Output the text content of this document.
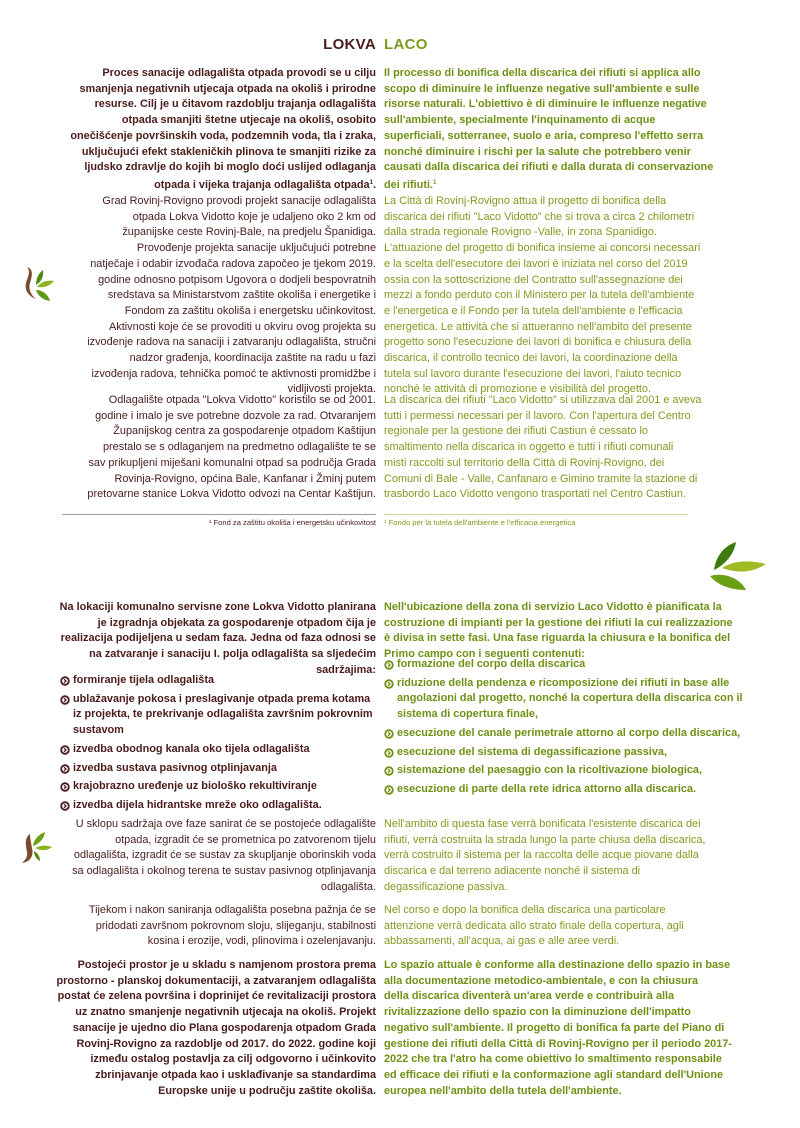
LOKVA LACO
Proces sanacije odlagališta otpada provodi se u cilju
smanjenja negativnih utjecaja otpada na okoliš i prirodne
resurse. Cilj je u čitavom razdoblju trajanja odlagališta
otpada smanjiti štetne utjecaje na okoliš, osobito
onečišćenje površinskih voda, podzemnih voda, tla i zraka,
uključujući efekt stakleničkih plinova te smanjiti rizike za
ljudsko zdravlje do kojih bi moglo doći uslijed odlaganja
otpada i vijeka trajanja odlagališta otpada$^1$.
Il processo di bonifica della discarica dei rifiuti si applica allo
scopo di diminuire le influenze negative sull'ambiente e sulle
risorse naturali. L'obiettivo è di diminuire le influenze negative
sull'ambiente, specialmente l'inquinamento di acque
superficiali, sotterranee, suolo e aria, compreso l'effetto serra
nonché diminuire i rischi per la salute che potrebbero venir
causati dalla discarica dei rifiuti e dalla durata di conservazione
dei rifiuti.$^1$
Grad Rovinj-Rovigno provodi projekt sanacije odlagališta
otpada Lokva Vidotto koje je udaljeno oko 2 km od
županijske ceste Rovinj-Bale, na predjelu Španidiga.
Provođenje projekta sanacije uključujući potrebne
natječaje i odabir izvođača radova započeo je tjekom 2019.
godine odnosno potpisom Ugovora o dodjeli bespovratnih
sredstava sa Ministarstvom zaštite okoliša i energetike i
Fondom za zaštitu okoliša i energetsku učinkovitost.
Aktivnosti koje će se provoditi u okviru ovog projekta su
izvođenje radova na sanaciji i zatvaranju odlagališta, stručni
nadzor građenja, koordinacija zaštite na radu u fazi
izvođenja radova, tehnička pomoć te aktivnosti promidžbe i
vidljivosti projekta.
La Città di Rovinj-Rovigno attua il progetto di bonifica della
discarica dei rifiuti "Laco Vidotto" che si trova a circa 2 chilometri
dalla strada regionale Rovigno -Valle, in zona Spanidigo.
L'attuazione del progetto di bonifica insieme ai concorsi necessari
e la scelta dell'esecutore dei lavori è iniziata nel corso del 2019
ossia con la sottoscrizione del Contratto sull'assegnazione dei
mezzi a fondo perduto con il Ministero per la tutela dell'ambiente
e l'energetica e il Fondo per la tutela dell'ambiente e l'efficacia
energetica. Le attività che si attueranno nell'ambito del presente
progetto sono l'esecuzione dei lavori di bonifica e chiusura della
discarica, il controllo tecnico dei lavori, la coordinazione della
tutela sul lavoro durante l'esecuzione dei lavori, l'aiuto tecnico
nonché le attività di promozione e visibilità del progetto.
Odlagalište otpada "Lokva Vidotto" koristilo se od 2001.
godine i imalo je sve potrebne dozvole za rad. Otvaranjem
Županijskog centra za gospodarenje otpadom Kaštijun
prestalo se s odlaganjem na predmetno odlagalište te se
sav prikupljeni miješani komunalni otpad sa područja Grada
Rovinja-Rovigno, općina Bale, Kanfanar i Žminj putem
pretovarne stanice Lokva Vidotto odvozi na Centar Kaštijun.
La discarica dei rifiuti "Laco Vidotto" si utilizzava dal 2001 e aveva
tutti i permessi necessari per il lavoro. Con l'apertura del Centro
regionale per la gestione dei rifiuti Castiun è cessato lo
smaltimento nella discarica in oggetto e tutti i rifiuti comunali
misti raccolti sul territorio della Città di Rovinj-Rovigno, dei
Comuni di Bale - Valle, Canfanaro e Gimino tramite la stazione di
trasbordo Laco Vidotto vengono trasportati nel Centro Castiun.
¹ Fond za zaštitu okoliša i energetsku učinkovitost ¹ Fondo per la tutela dell'ambiente e l'efficacia energetica
Na lokaciji komunalno servisne zone Lokva Vidotto planirana
je izgradnja objekata za gospodarenje otpadom čija je
realizacija podijeljena u sedam faza. Jedna od faza odnosi se
na zatvaranje i sanaciju I. polja odlagališta sa sljedećim
sadržajima:
Nell'ubicazione della zona di servizio Laco Vidotto è pianificata la
costruzione di impianti per la gestione dei rifiuti la cui realizzazione
è divisa in sette fasi. Una fase riguarda la chiusura e la bonifica del
Primo campo con i seguenti contenuti:
formiranje tijela odlagališta
ublažavanje pokosa i preslagivanje otpada prema kotama iz projekta, te prekrivanje odlagališta završnim pokrovnim sustavom
izvedba obodnog kanala oko tijela odlagališta
izvedba sustava pasivnog otplinjavanja
krajobrazno uređenje uz biološko rekultiviranje
izvedba dijela hidrantske mreže oko odlagališta.
formazione del corpo della discarica
riduzione della pendenza e ricomposizione dei rifiuti in base alle angolazioni dal progetto, nonché la copertura della discarica con il sistema di copertura finale,
esecuzione del canale perimetrale attorno al corpo della discarica,
esecuzione del sistema di degassificazione passiva,
sistemazione del paesaggio con la ricoltivazione biologica,
esecuzione di parte della rete idrica attorno alla discarica.
U sklopu sadržaja ove faze sanirat će se postojeće odlagalište
otpada, izgradit će se prometnica po zatvorenom tijelu
odlagališta, izgradit će se sustav za skupljanje oborinskih voda
sa odlagališta i okolnog terena te sustav pasivnog otplinjavanja
odlagališta.
Nell'ambito di questa fase verrà bonificata l'esistente discarica dei
rifiuti, verrà costruita la strada lungo la parte chiusa della discarica,
verrà costruito il sistema per la raccolta delle acque piovane dalla
discarica e dal terreno adiacente nonché il sistema di
degassificazione passiva.
Tijekom i nakon saniranja odlagališta posebna pažnja će se
pridodati završnom pokrovnom sloju, slijeganju, stabilnosti
kosina i erozije, vodi, plinovima i ozelenjavanju.
Nel corso e dopo la bonifica della discarica una particolare
attenzione verrà dedicata allo strato finale della copertura, agli
abbassamenti, all'acqua, ai gas e alle aree verdi.
Postojeći prostor je u skladu s namjenom prostora prema
prostorno - planskoj dokumentaciji, a zatvaranjem odlagališta
postat će zelena površina i doprinijet će revitalizaciji prostora
uz znatno smanjenje negativnih utjecaja na okoliš. Projekt
sanacije je ujedno dio Plana gospodarenja otpadom Grada
Rovinj-Rovigno za razdoblje od 2017. do 2022. godine koji
između ostalog postavlja za cilj odgovorno i učinkovito
zbrinjavanje otpada kao i usklađivanje sa standardima
Europske unije u području zaštite okoliša.
Lo spazio attuale è conforme alla destinazione dello spazio in base
alla documentazione metodico-ambientale, e con la chiusura
della discarica diventerà un'area verde e contribuirà alla
rivitalizzazione dello spazio con la diminuzione dell'impatto
negativo sull'ambiente. Il progetto di bonifica fa parte del Piano di
gestione dei rifiuti della Città di Rovinj-Rovigno per il periodo 2017-
2022 che tra l'atro ha come obiettivo lo smaltimento responsabile
ed efficace dei rifiuti e la conformazione agli standard dell'Unione
europea nell'ambito della tutela dell'ambiente.
